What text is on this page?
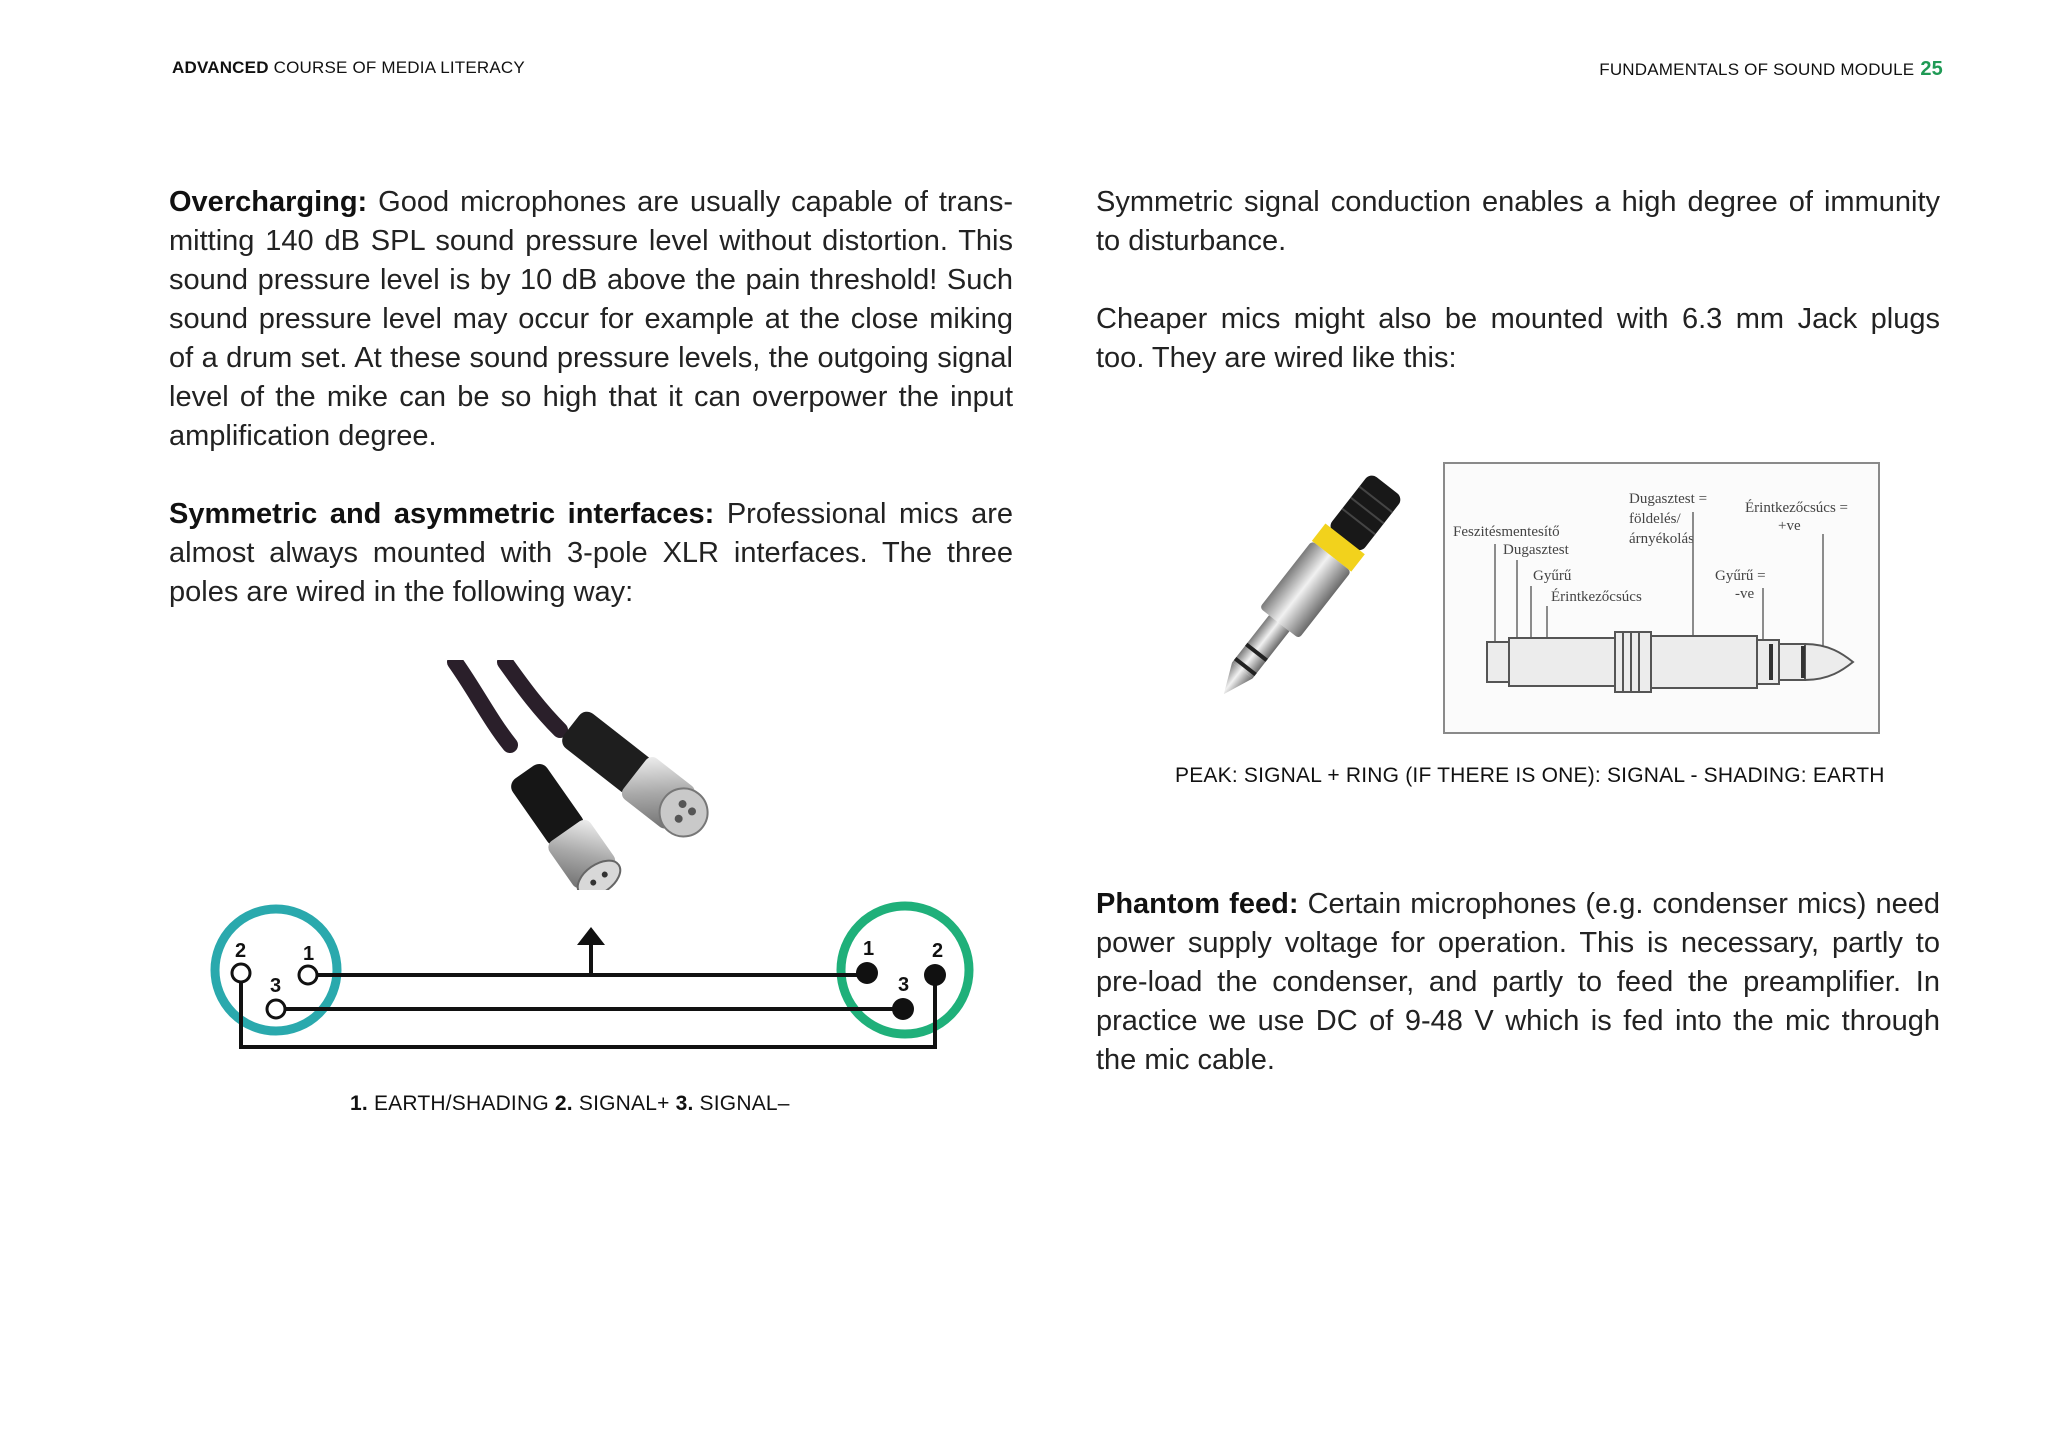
ADVANCED COURSE OF MEDIA LITERACY	FUNDAMENTALS OF SOUND MODULE 25

Overcharging: Good microphones are usually capable of transmitting 140 dB SPL sound pressure level without distortion. This sound pressure level is by 10 dB above the pain threshold! Such sound pressure level may occur for example at the close miking of a drum set. At these sound pressure levels, the outgoing signal level of the mike can be so high that it can overpower the input amplification degree.

Symmetric and asymmetric interfaces: Professional mics are almost always mounted with 3-pole XLR interfaces. The three poles are wired in the following way:

2	1
3
1	2
3
1. EARTH/SHADING 2. SIGNAL+ 3. SIGNAL–

Symmetric signal conduction enables a high degree of immunity to disturbance.

Cheaper mics might also be mounted with 6.3 mm Jack plugs too. They are wired like this:

Feszitésmentesítő
Dugasztest
Gyűrű
Érintkezőcsúcs
Dugasztest =
földelés/
árnyékolás
Érintkezőcsúcs =
+ve
Gyűrű =
-ve
PEAK: SIGNAL + RING (IF THERE IS ONE): SIGNAL - SHADING: EARTH

Phantom feed: Certain microphones (e.g. condenser mics) need power supply voltage for operation. This is necessary, partly to pre-load the condenser, and partly to feed the preamplifier. In practice we use DC of 9-48 V which is fed into the mic through the mic cable.
